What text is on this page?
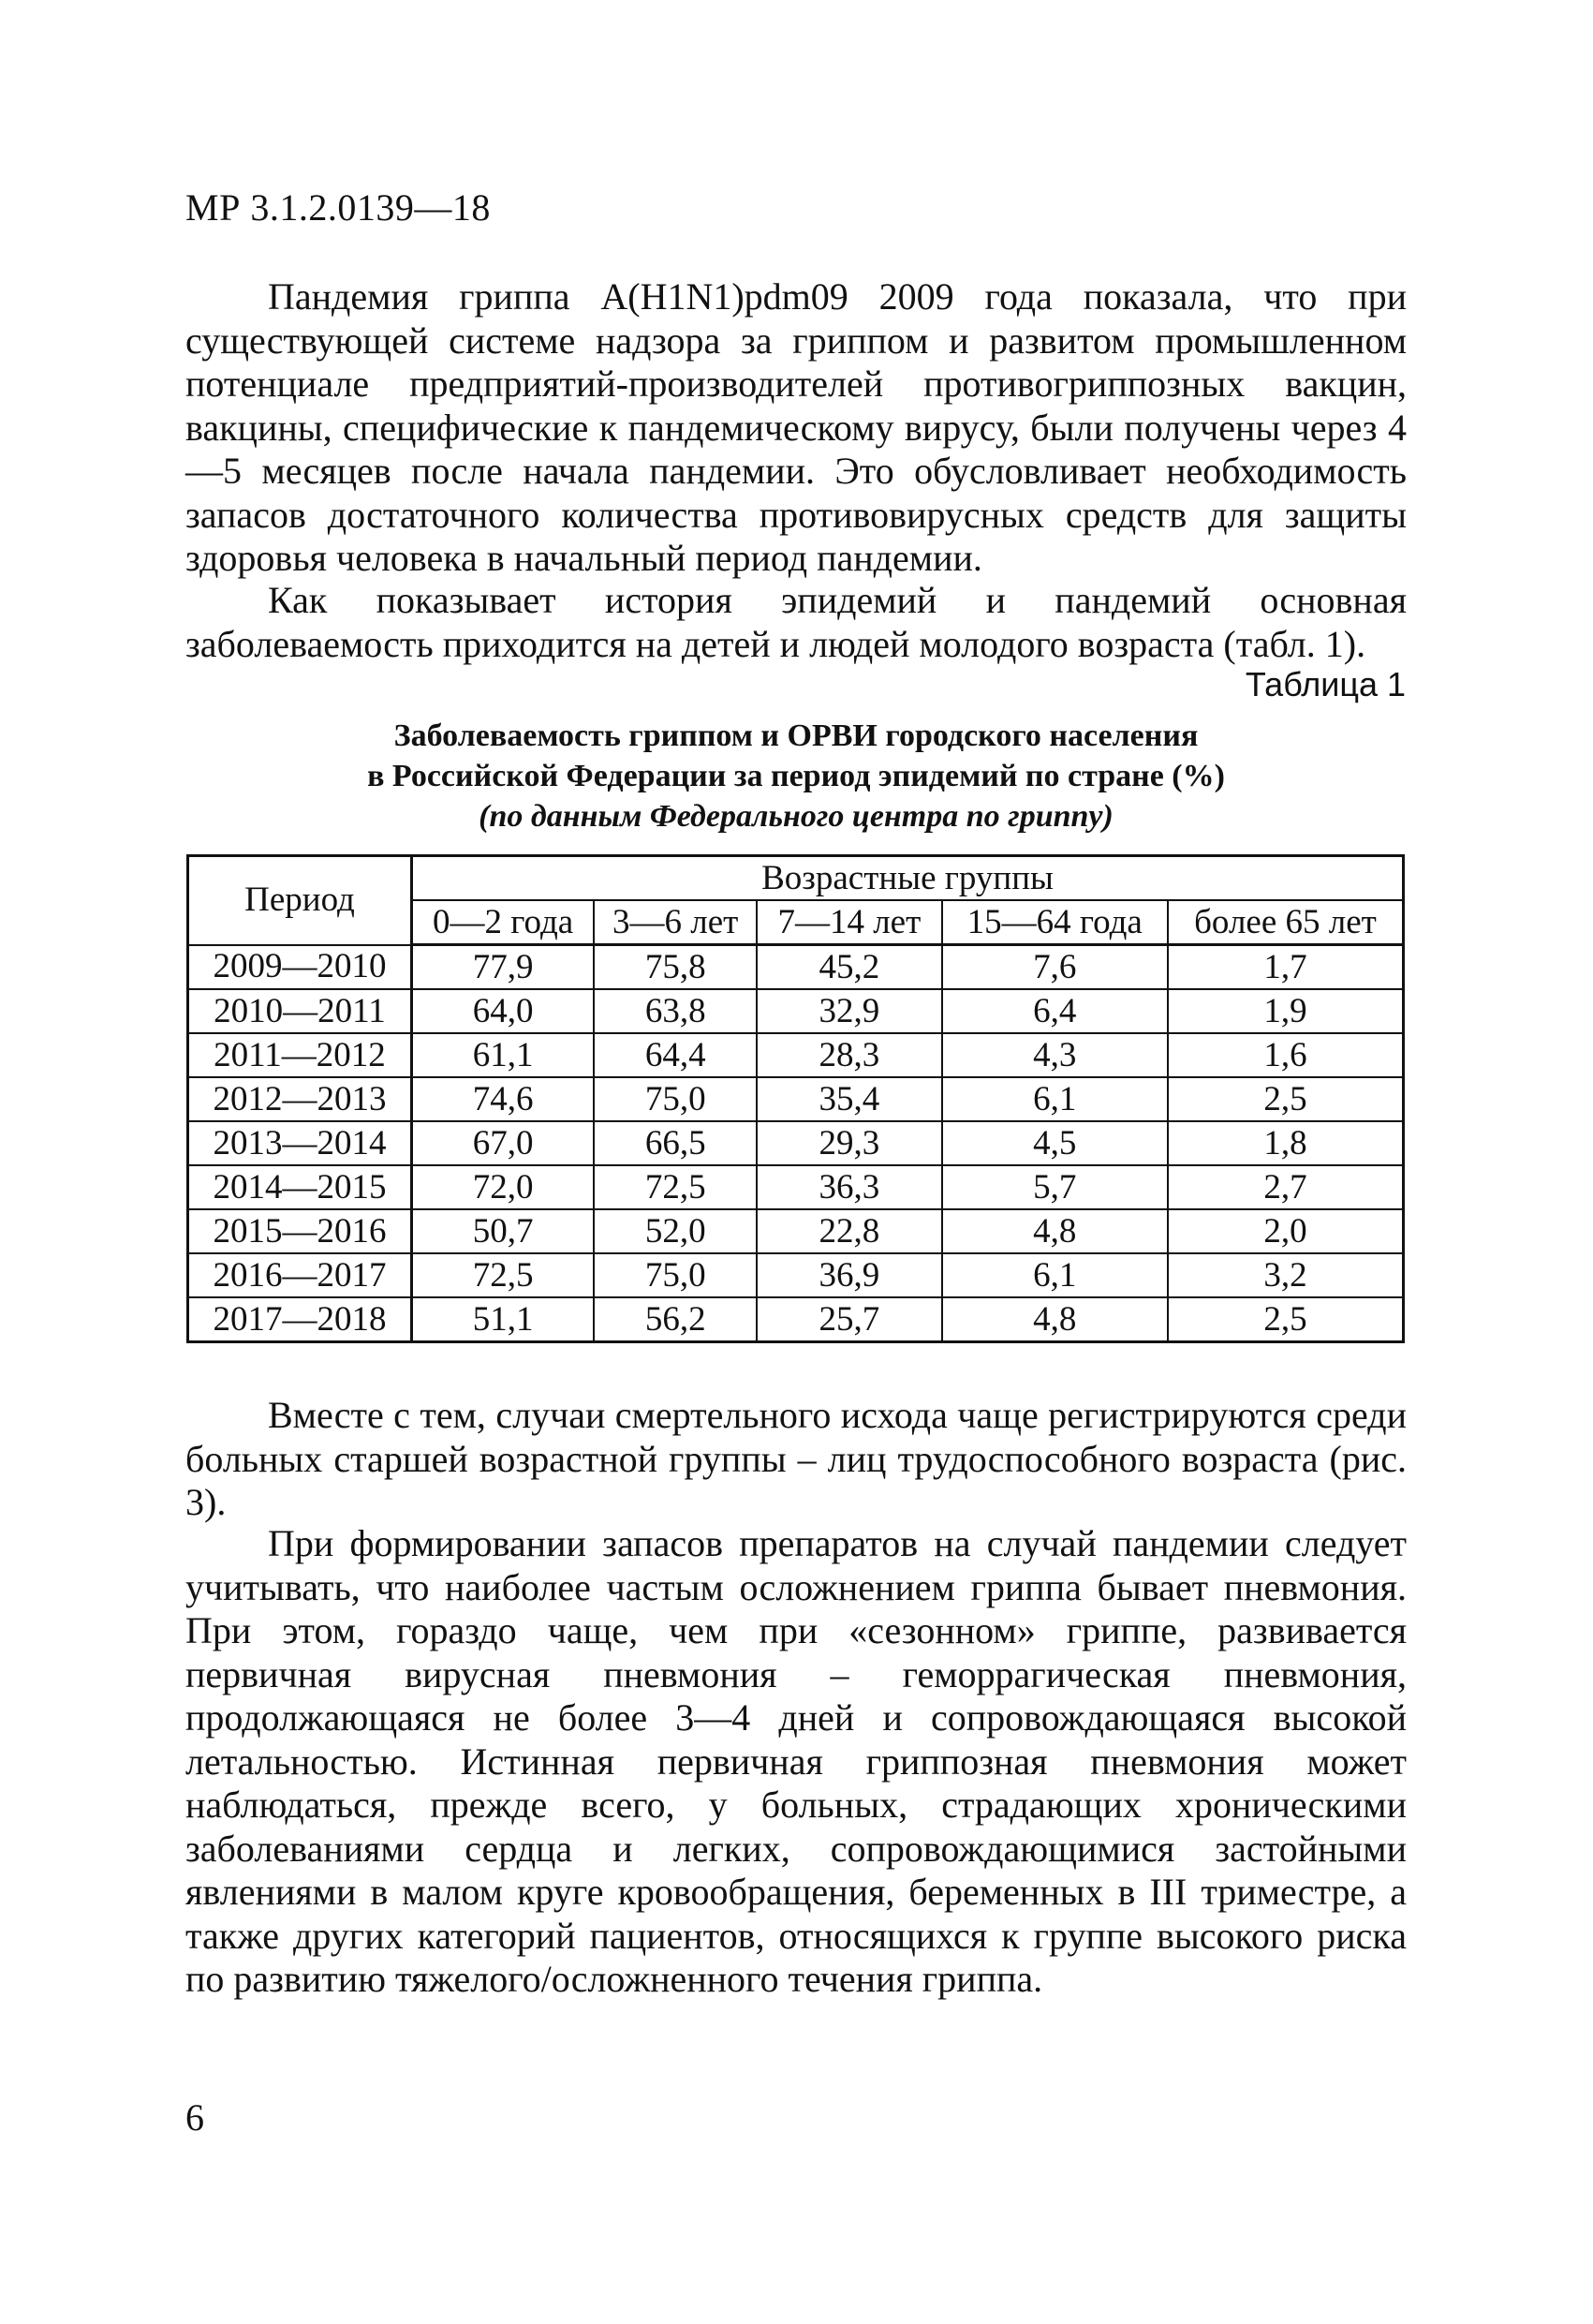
МР 3.1.2.0139—18

Пандемия гриппа A(H1N1)pdm09 2009 года показала, что при существующей системе надзора за гриппом и развитом промышленном потенциале предприятий-производителей противогриппозных вакцин, вакцины, специфические к пандемическому вирусу, были получены через 4—5 месяцев после начала пандемии. Это обусловливает необходимость запасов достаточного количества противовирусных средств для защиты здоровья человека в начальный период пандемии.

Как показывает история эпидемий и пандемий основная заболеваемость приходится на детей и людей молодого возраста (табл. 1).

Таблица 1
Заболеваемость гриппом и ОРВИ городского населения
в Российской Федерации за период эпидемий по стране (%)
(по данным Федерального центра по гриппу)
Период	Возрастные группы				
	0—2 года	3—6 лет	7—14 лет	15—64 года	более 65 лет
2009—2010	77,9	75,8	45,2	7,6	1,7
2010—2011	64,0	63,8	32,9	6,4	1,9
2011—2012	61,1	64,4	28,3	4,3	1,6
2012—2013	74,6	75,0	35,4	6,1	2,5
2013—2014	67,0	66,5	29,3	4,5	1,8
2014—2015	72,0	72,5	36,3	5,7	2,7
2015—2016	50,7	52,0	22,8	4,8	2,0
2016—2017	72,5	75,0	36,9	6,1	3,2
2017—2018	51,1	56,2	25,7	4,8	2,5

Вместе с тем, случаи смертельного исхода чаще регистрируются среди больных старшей возрастной группы – лиц трудоспособного возраста (рис. 3).

При формировании запасов препаратов на случай пандемии следует учитывать, что наиболее частым осложнением гриппа бывает пневмония. При этом, гораздо чаще, чем при «сезонном» гриппе, развивается первичная вирусная пневмония – геморрагическая пневмония, продолжающаяся не более 3—4 дней и сопровождающаяся высокой летальностью. Истинная первичная гриппозная пневмония может наблюдаться, прежде всего, у больных, страдающих хроническими заболеваниями сердца и легких, сопровождающимися застойными явлениями в малом круге кровообращения, беременных в III триместре, а также других категорий пациентов, относящихся к группе высокого риска по развитию тяжелого/осложненного течения гриппа.

6
